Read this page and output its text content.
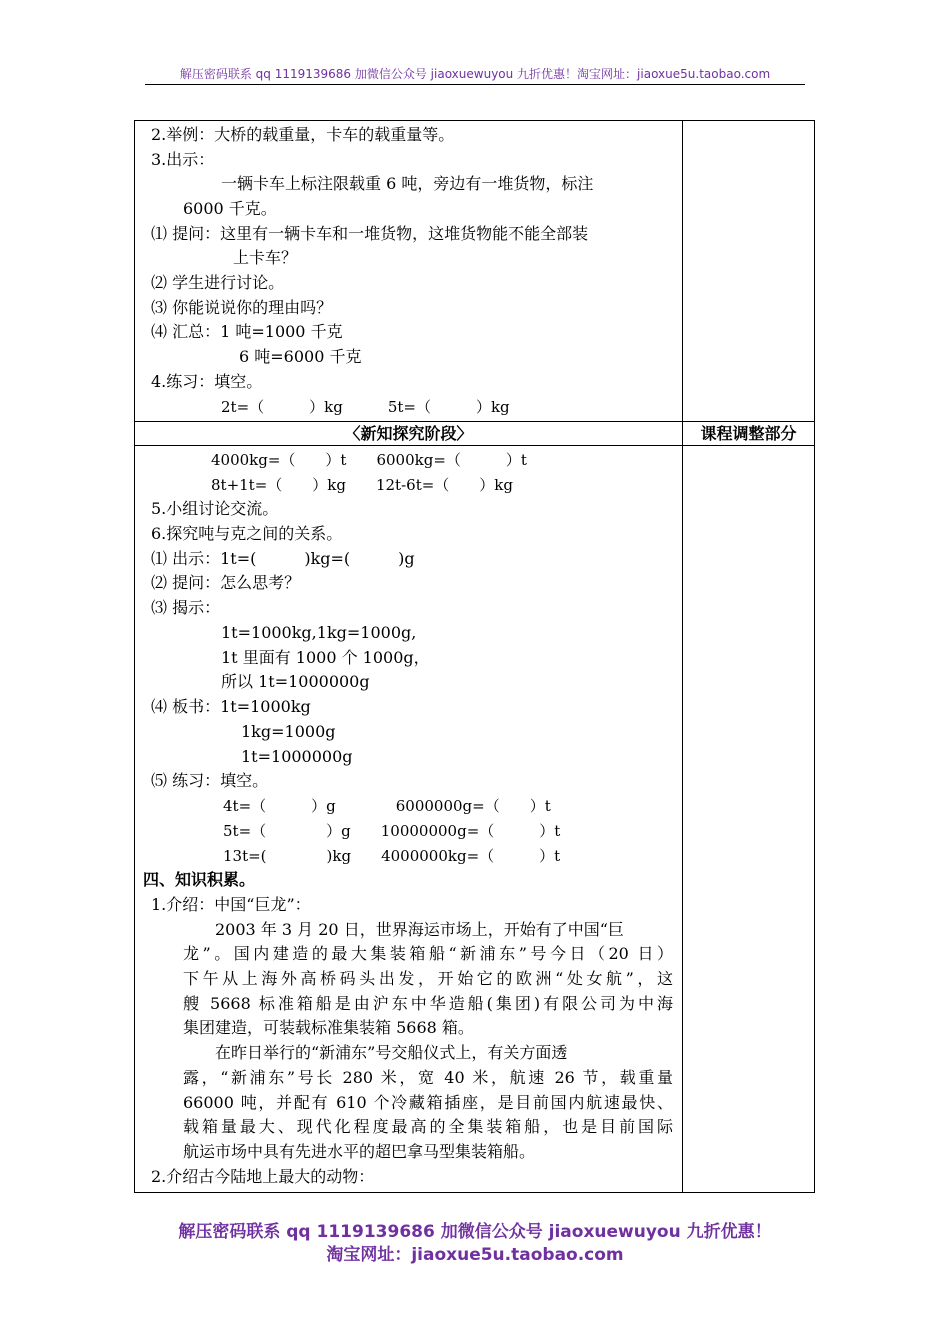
解压密码联系 qq 1119139686 加微信公众号 jiaoxuewuyou 九折优惠！淘宝网址：jiaoxue5u.taobao.com
〈新知探究阶段〉	课程调整部分
2.举例：大桥的载重量，卡车的载重量等。
3.出示：
一辆卡车上标注限载重 6 吨，旁边有一堆货物，标注
6000 千克。
⑴ 提问：这里有一辆卡车和一堆货物，这堆货物能不能全部装
上卡车？
⑵ 学生进行讨论。
⑶ 你能说说你的理由吗？
⑷ 汇总：1 吨=1000 千克
6 吨=6000 千克
4.练习：填空。
2t=（　　　）kg　　　5t=（　　　）kg
4000kg=（　　）t　　6000kg=（　　　）t
8t+1t=（　　）kg　　12t-6t=（　　）kg
5.小组讨论交流。
6.探究吨与克之间的关系。
⑴ 出示：1t=(　　　)kg=(　　　)g
⑵ 提问：怎么思考？
⑶ 揭示：
1t=1000kg,1kg=1000g,
1t 里面有 1000 个 1000g，
所以 1t=1000000g
⑷ 板书：1t=1000kg
1kg=1000g
1t=1000000g
⑸ 练习：填空。
4t=（　　　）g　　　　6000000g=（　　）t
5t=（　　　　）g　　10000000g=（　　　）t
13t=(　　　　)kg　　4000000kg=（　　　）t
四、知识积累。
1.介绍：中国“巨龙”：
2003 年 3 月 20 日，世界海运市场上，开始有了中国“巨
龙”。国内建造的最大集装箱船“新浦东”号今日（20 日）
下午从上海外高桥码头出发，开始它的欧洲“处女航”，这
艘 5668 标准箱船是由沪东中华造船(集团)有限公司为中海
集团建造，可装载标准集装箱 5668 箱。
在昨日举行的“新浦东”号交船仪式上，有关方面透
露，“新浦东”号长 280 米，宽 40 米，航速 26 节，载重量
66000 吨，并配有 610 个冷藏箱插座，是目前国内航速最快、
载箱量最大、现代化程度最高的全集装箱船，也是目前国际
航运市场中具有先进水平的超巴拿马型集装箱船。
2.介绍古今陆地上最大的动物：
解压密码联系 qq 1119139686 加微信公众号 jiaoxuewuyou 九折优惠！
淘宝网址：jiaoxue5u.taobao.com
